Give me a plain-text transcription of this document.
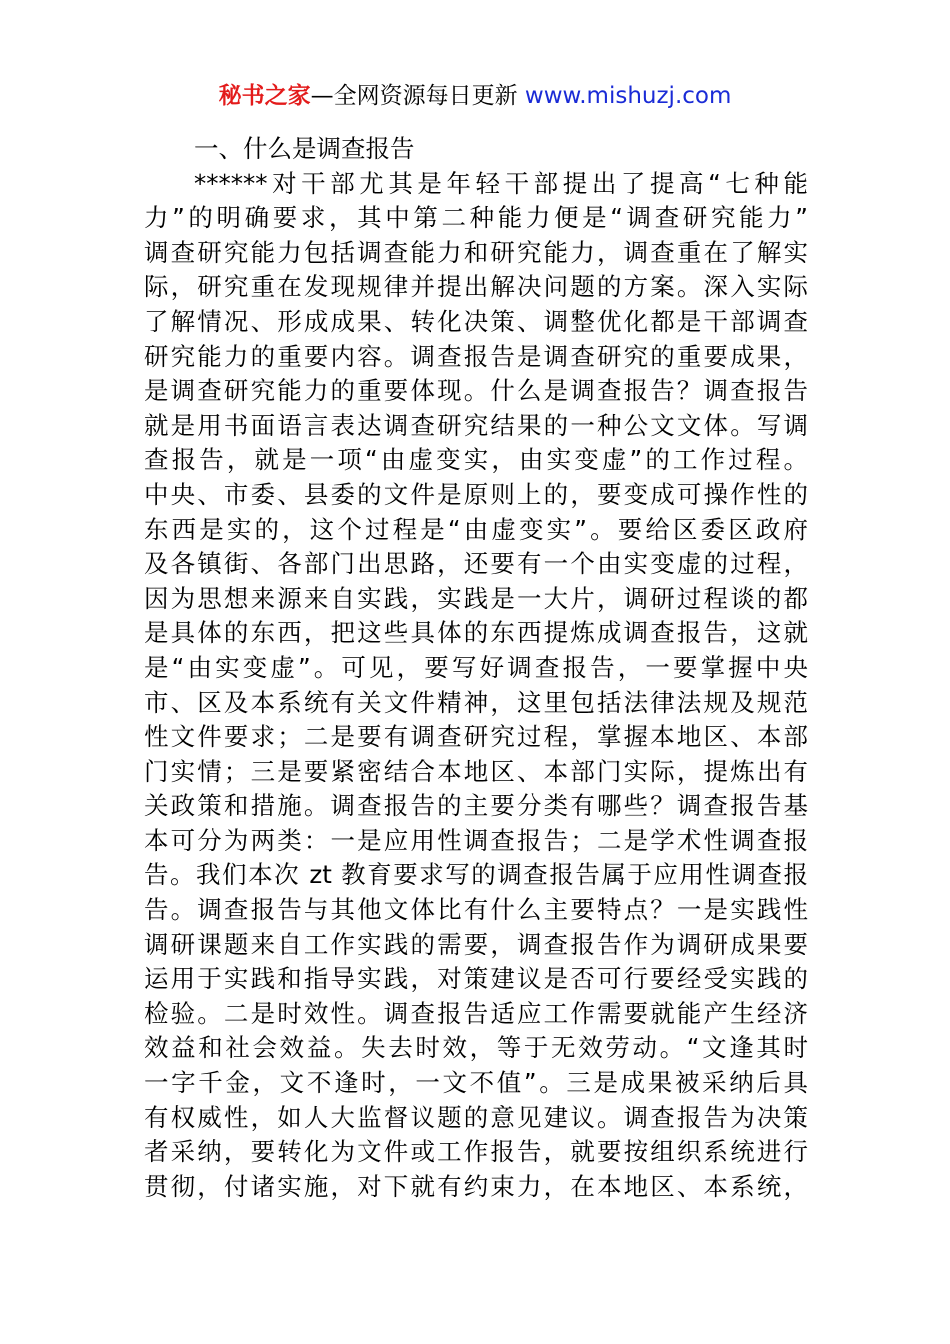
秘书之家—全网资源每日更新 www.mishuzj.com
一、什么是调查报告
******对干部尤其是年轻干部提出了提高“七种能
力”的明确要求，其中第二种能力便是“调查研究能力”
调查研究能力包括调查能力和研究能力，调查重在了解实
际，研究重在发现规律并提出解决问题的方案。深入实际
了解情况、形成成果、转化决策、调整优化都是干部调查
研究能力的重要内容。调查报告是调查研究的重要成果，
是调查研究能力的重要体现。什么是调查报告？调查报告
就是用书面语言表达调查研究结果的一种公文文体。写调
查报告，就是一项“由虚变实，由实变虚”的工作过程。
中央、市委、县委的文件是原则上的，要变成可操作性的
东西是实的，这个过程是“由虚变实”。要给区委区政府
及各镇街、各部门出思路，还要有一个由实变虚的过程，
因为思想来源来自实践，实践是一大片，调研过程谈的都
是具体的东西，把这些具体的东西提炼成调查报告，这就
是“由实变虚”。可见，要写好调查报告，一要掌握中央
市、区及本系统有关文件精神，这里包括法律法规及规范
性文件要求；二是要有调查研究过程，掌握本地区、本部
门实情；三是要紧密结合本地区、本部门实际，提炼出有
关政策和措施。调查报告的主要分类有哪些？调查报告基
本可分为两类：一是应用性调查报告；二是学术性调查报
告。我们本次 zt 教育要求写的调查报告属于应用性调查报
告。调查报告与其他文体比有什么主要特点？一是实践性
调研课题来自工作实践的需要，调查报告作为调研成果要
运用于实践和指导实践，对策建议是否可行要经受实践的
检验。二是时效性。调查报告适应工作需要就能产生经济
效益和社会效益。失去时效，等于无效劳动。“文逢其时
一字千金，文不逢时，一文不值”。三是成果被采纳后具
有权威性，如人大监督议题的意见建议。调查报告为决策
者采纳，要转化为文件或工作报告，就要按组织系统进行
贯彻，付诸实施，对下就有约束力，在本地区、本系统，
